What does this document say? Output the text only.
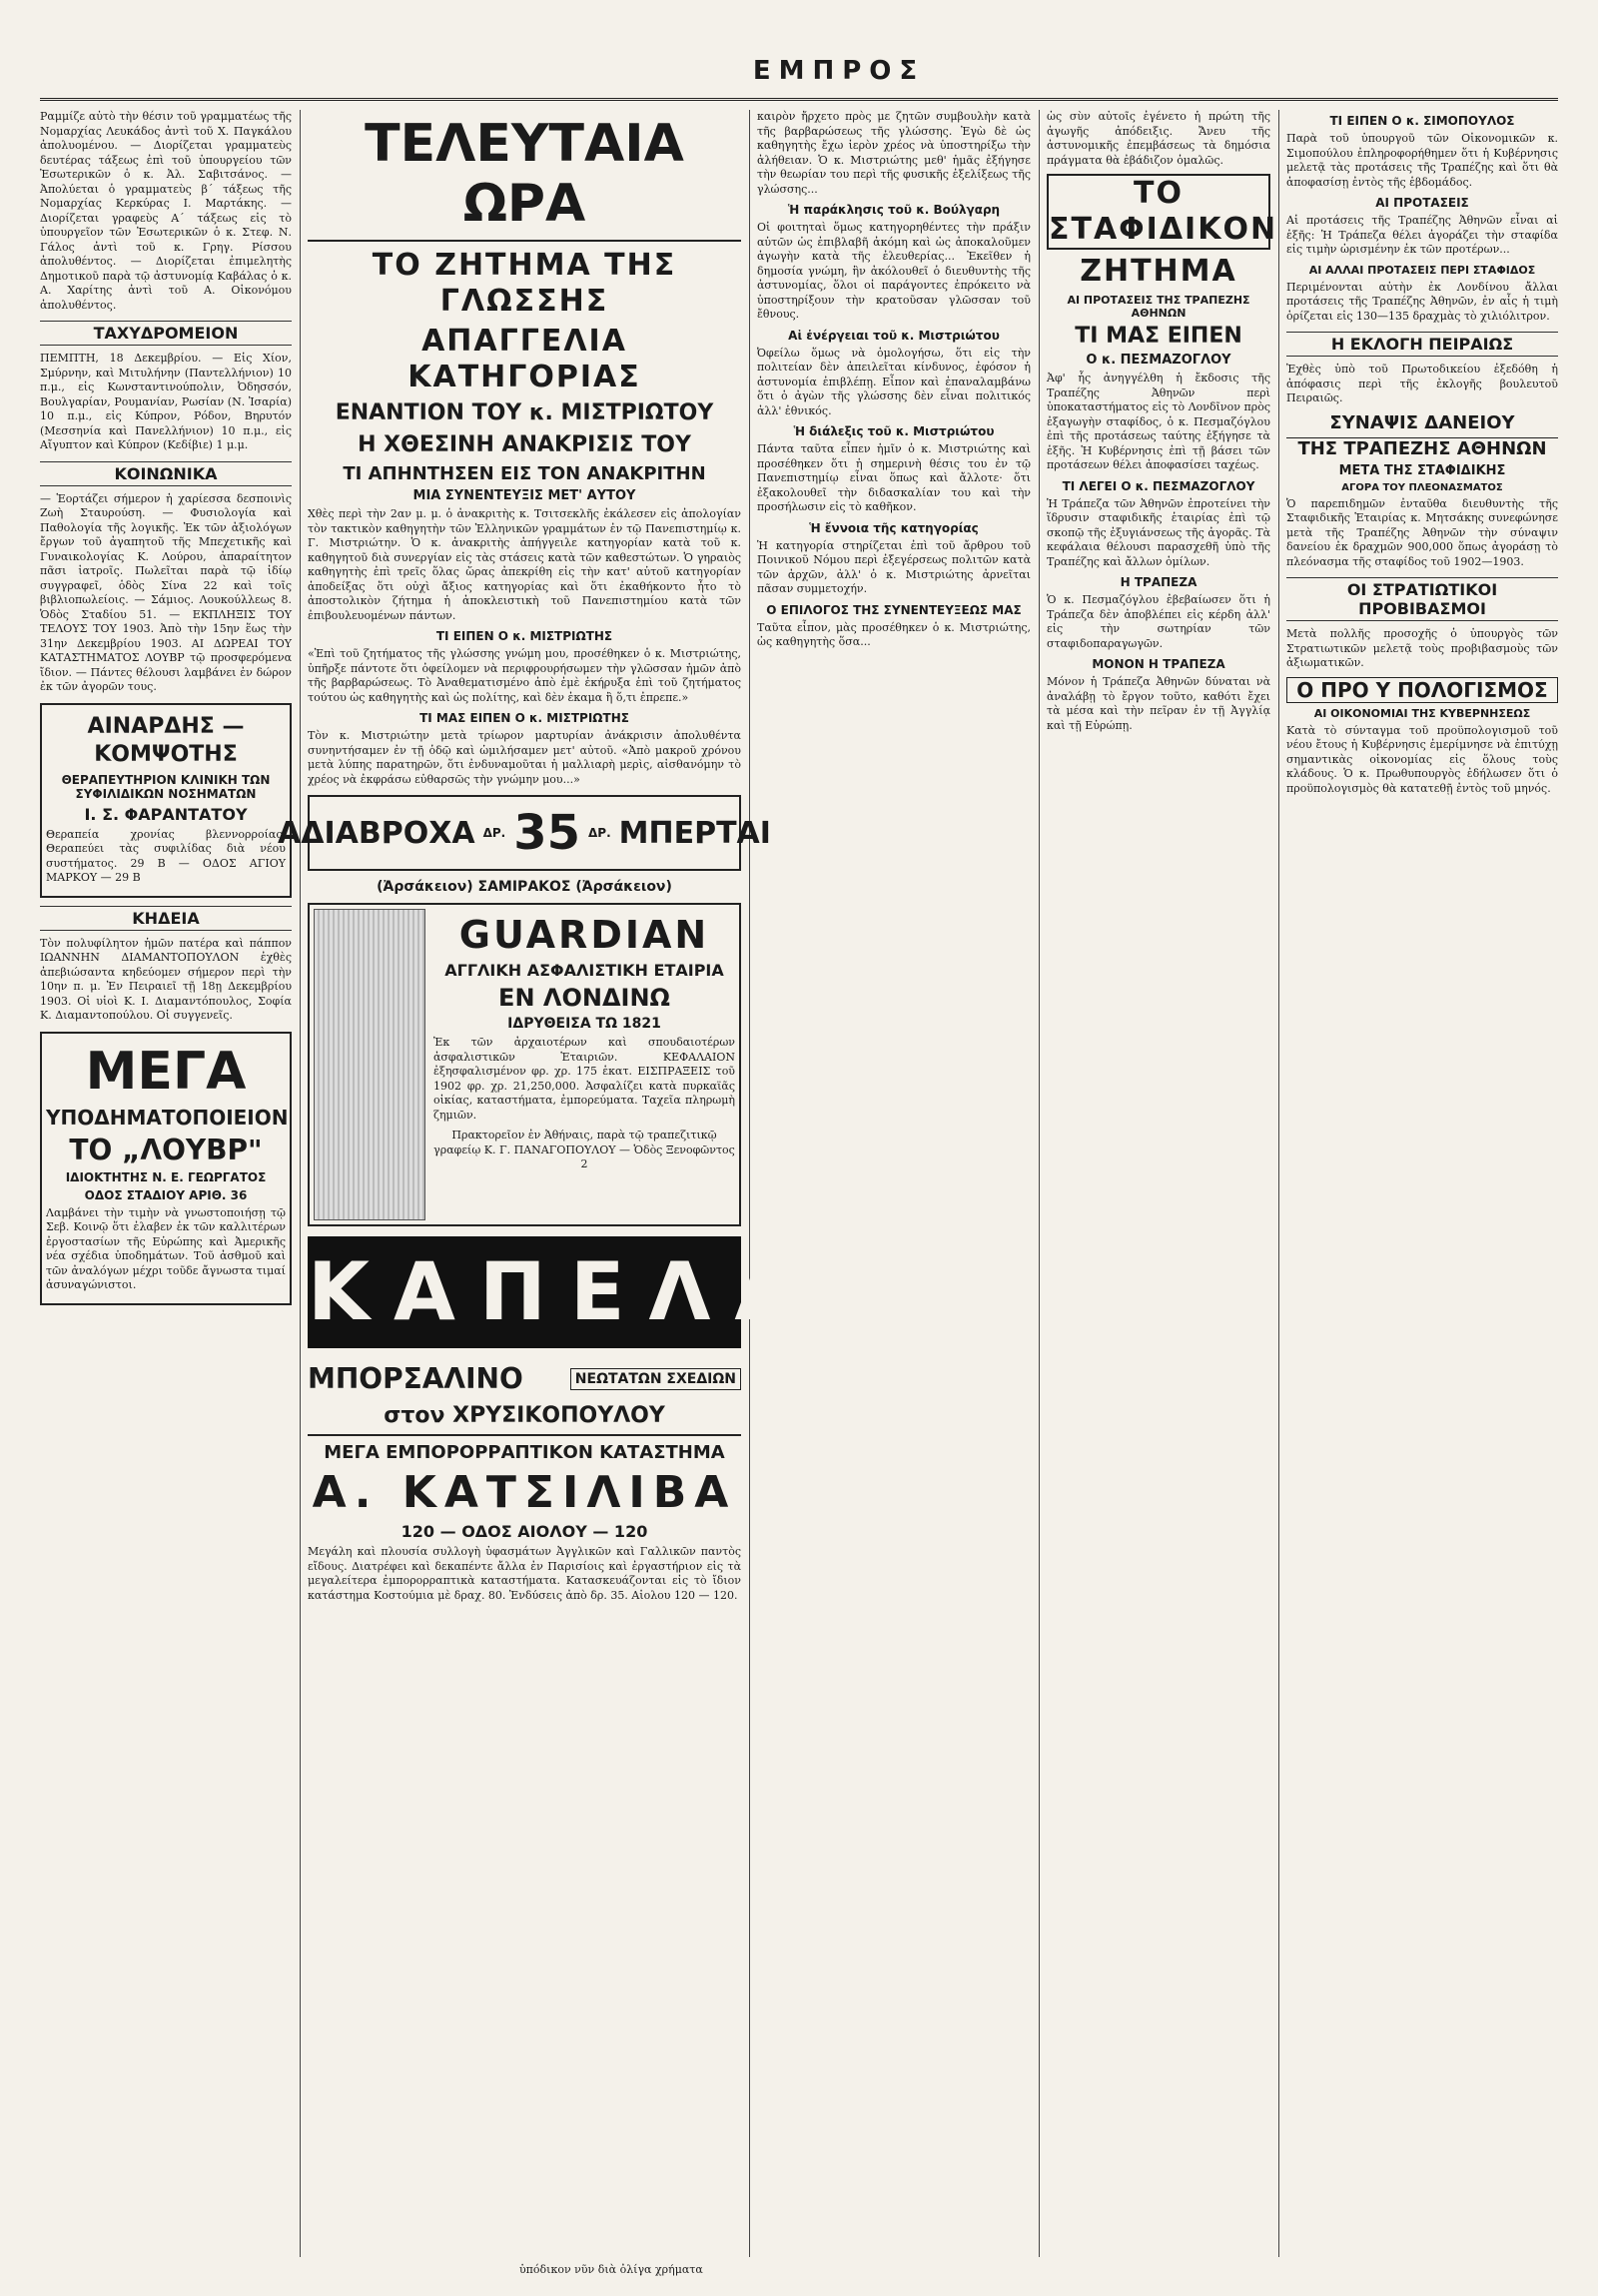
ΕΜΠΡΟΣ

Ραμμίζε αὐτὸ τὴν θέσιν τοῦ γραμματέως τῆς Νομαρχίας Λευκάδος ἀντὶ τοῦ Χ. Παγκάλου ἀπολυομένου. — Διορίζεται γραμματεὺς δευτέρας τάξεως ἐπὶ τοῦ ὑπουργείου τῶν Ἐσωτερικῶν ὁ κ. Ἀλ. Σαβιτσάνος. — Ἀπολύεται ὁ γραμματεὺς β΄ τάξεως τῆς Νομαρχίας Κερκύρας Ι. Μαρτάκης. — Διορίζεται γραφεὺς Α΄ τάξεως εἰς τὸ ὑπουργεῖον τῶν Ἐσωτερικῶν ὁ κ. Στεφ. Ν. Γάλος ἀντὶ τοῦ κ. Γρηγ. Ρίσσου ἀπολυθέντος. — Διορίζεται ἐπιμελητὴς Δημοτικοῦ παρὰ τῷ ἀστυνομίᾳ Καβάλας ὁ κ. Α. Χαρίτης ἀντὶ τοῦ Α. Οἰκονόμου ἀπολυθέντος.

ΤΑΧΥΔΡΟΜΕΙΟΝ

ΠΕΜΠΤΗ, 18 Δεκεμβρίου. — Εἰς Χίον, Σμύρνην, καὶ Μιτυλήνην (Παντελλήνιον) 10 π.μ., εἰς Κωνσταντινούπολιν, Ὀδησσόν, Βουλγαρίαν, Ρουμανίαν, Ρωσίαν (Ν. Ἰσαρία) 10 π.μ., εἰς Κύπρον, Ρόδον, Βηρυτόν (Μεσσηνία καὶ Πανελλήνιον) 10 π.μ., εἰς Αἴγυπτον καὶ Κύπρον (Κεδίβιε) 1 μ.μ.

ΚΟΙΝΩΝΙΚΑ

— Ἑορτάζει σήμερον ἡ χαρίεσσα δεσποινὶς Ζωὴ Σταυρούση. — Φυσιολογία καὶ Παθολογία τῆς λογικῆς. Ἐκ τῶν ἀξιολόγων ἔργων τοῦ ἀγαπητοῦ τῆς Μπεχετικῆς καὶ Γυναικολογίας Κ. Λούρου, ἀπαραίτητον πᾶσι ἰατροῖς. Πωλεῖται παρὰ τῷ ἰδίῳ συγγραφεῖ, ὁδὸς Σίνα 22 καὶ τοῖς βιβλιοπωλείοις. — Σάμιος. Λουκούλλεως 8. Ὁδὸς Σταδίου 51. — ΕΚΠΛΗΞΙΣ ΤΟΥ ΤΕΛΟΥΣ ΤΟΥ 1903. Ἀπὸ τὴν 15ην ἕως τὴν 31ην Δεκεμβρίου 1903. ΑΙ ΔΩΡΕΑΙ ΤΟΥ ΚΑΤΑΣΤΗΜΑΤΟΣ ΛΟΥΒΡ τῷ προσφερόμενα ἴδιον. — Πάντες θέλουσι λαμβάνει ἐν δώρον ἐκ τῶν ἀγορῶν τους.

ΑΙΝΑΡΔΗΣ — ΚΟΜΨΟΤΗΣ
ΘΕΡΑΠΕΥΤΗΡΙΟΝ ΚΛΙΝΙΚΗ ΤΩΝ ΣΥΦΙΛΙΔΙΚΩΝ ΝΟΣΗΜΑΤΩΝ
Ι. Σ. ΦΑΡΑΝΤΑΤΟΥ

Θεραπεία χρονίας βλεννορροίας. Θεραπεύει τὰς συφιλίδας διὰ νέου συστήματος. 29 Β — ΟΔΟΣ ΑΓΙΟΥ ΜΑΡΚΟΥ — 29 Β

ΚΗΔΕΙΑ

Τὸν πολυφίλητον ἡμῶν πατέρα καὶ πάππον ΙΩΑΝΝΗΝ ΔΙΑΜΑΝΤΟΠΟΥΛΟΝ ἐχθὲς ἀπεβιώσαντα κηδεύομεν σήμερον περὶ τὴν 10ην π. μ. Ἐν Πειραιεῖ τῇ 18ῃ Δεκεμβρίου 1903. Οἱ υἱοὶ Κ. Ι. Διαμαντόπουλος, Σοφία Κ. Διαμαντοπούλου. Οἱ συγγενεῖς.

ΜΕΓΑ
ΥΠΟΔΗΜΑΤΟΠΟΙΕΙΟΝ
ΤΟ „ΛΟΥΒΡ"
ΙΔΙΟΚΤΗΤΗΣ Ν. Ε. ΓΕΩΡΓΑΤΟΣ
ΟΔΟΣ ΣΤΑΔΙΟΥ ΑΡΙΘ. 36

Λαμβάνει τὴν τιμὴν νὰ γνωστοποιήσῃ τῷ Σεβ. Κοινῷ ὅτι ἐλαβεν ἐκ τῶν καλλιτέρων ἐργοστασίων τῆς Εὐρώπης καὶ Ἀμερικῆς νέα σχέδια ὑποδημάτων. Τοῦ ἀσθμοῦ καὶ τῶν ἀναλόγων μέχρι τοῦδε ἄγνωστα τιμαί ἀσυναγώνιστοι.

ΤΕΛΕΥΤΑΙΑ ΩΡΑ
ΤΟ ΖΗΤΗΜΑ ΤΗΣ ΓΛΩΣΣΗΣ
ΑΠΑΓΓΕΛΙΑ ΚΑΤΗΓΟΡΙΑΣ
ΕΝΑΝΤΙΟΝ ΤΟΥ κ. ΜΙΣΤΡΙΩΤΟΥ
Η ΧΘΕΣΙΝΗ ΑΝΑΚΡΙΣΙΣ ΤΟΥ
ΤΙ ΑΠΗΝΤΗΣΕΝ ΕΙΣ ΤΟΝ ΑΝΑΚΡΙΤΗΝ
ΜΙΑ ΣΥΝΕΝΤΕΥΞΙΣ ΜΕΤ' ΑΥΤΟΥ

Χθὲς περὶ τὴν 2αν μ. μ. ὁ ἀνακριτὴς κ. Τσιτσεκλῆς ἐκάλεσεν εἰς ἀπολογίαν τὸν τακτικὸν καθηγητὴν τῶν Ἑλληνικῶν γραμμάτων ἐν τῷ Πανεπιστημίῳ κ. Γ. Μιστριώτην. Ὁ κ. ἀνακριτὴς ἀπήγγειλε κατηγορίαν κατὰ τοῦ κ. καθηγητοῦ διὰ συνεργίαν εἰς τὰς στάσεις κατὰ τῶν καθεστώτων. Ὁ γηραιὸς καθηγητὴς ἐπὶ τρεῖς ὅλας ὥρας ἀπεκρίθη εἰς τὴν κατ' αὐτοῦ κατηγορίαν ἀποδείξας ὅτι οὐχὶ ἄξιος κατηγορίας καὶ ὅτι ἐκαθήκοντο ἦτο τὸ ἀποστολικὸν ζήτημα ἡ ἀποκλειστικὴ τοῦ Πανεπιστημίου κατὰ τῶν ἐπιβουλευομένων πάντων.

ΤΙ ΕΙΠΕΝ Ο κ. ΜΙΣΤΡΙΩΤΗΣ

«Ἐπὶ τοῦ ζητήματος τῆς γλώσσης γνώμη μου, προσέθηκεν ὁ κ. Μιστριώτης, ὑπῆρξε πάντοτε ὅτι ὀφείλομεν νὰ περιφρουρήσωμεν τὴν γλῶσσαν ἡμῶν ἀπὸ τῆς βαρβαρώσεως. Τὸ Ἀναθεματισμένο ἀπὸ ἐμὲ ἐκήρυξα ἐπὶ τοῦ ζητήματος τούτου ὡς καθηγητὴς καὶ ὡς πολίτης, καὶ δὲν ἐκαμα ἢ ὅ,τι ἐπρεπε.»

ΤΙ ΜΑΣ ΕΙΠΕΝ Ο κ. ΜΙΣΤΡΙΩΤΗΣ

Τὸν κ. Μιστριώτην μετὰ τρίωρον μαρτυρίαν ἀνάκρισιν ἀπολυθέντα συνηντήσαμεν ἐν τῇ ὁδῷ καὶ ὡμιλήσαμεν μετ' αὐτοῦ. «Ἀπὸ μακροῦ χρόνου μετὰ λύπης παρατηρῶν, ὅτι ἐνδυναμοῦται ἡ μαλλιαρὴ μερὶς, αἰσθανόμην τὸ χρέος νὰ ἐκφράσω εὐθαρσῶς τὴν γνώμην μου...»

ΑΔΙΑΒΡΟΧΑ ΔΡ. 35 ΔΡ. ΜΠΕΡΤΑΙ
(Ἀρσάκειον) ΣΑΜΙΡΑΚΟΣ (Ἀρσάκειον)
GUARDIAN
ΑΓΓΛΙΚΗ ΑΣΦΑΛΙΣΤΙΚΗ ΕΤΑΙΡΙΑ
ΕΝ ΛΟΝΔΙΝΩ
ΙΔΡΥΘΕΙΣΑ ΤΩ 1821

Ἐκ τῶν ἀρχαιοτέρων καὶ σπουδαιοτέρων ἀσφαλιστικῶν Ἑταιριῶν. ΚΕΦΑΛΑΙΟΝ ἐξησφαλισμένον φρ. χρ. 175 ἑκατ. ΕΙΣΠΡΑΞΕΙΣ τοῦ 1902 φρ. χρ. 21,250,000. Ἀσφαλίζει κατὰ πυρκαϊᾶς οἰκίας, καταστήματα, ἐμπορεύματα. Ταχεῖα πληρωμὴ ζημιῶν.

Πρακτορεῖον ἐν Ἀθήναις, παρὰ τῷ τραπεζιτικῷ γραφείῳ Κ. Γ. ΠΑΝΑΓΟΠΟΥΛΟΥ — Ὁδὸς Ξενοφῶντος 2

ΚΑΠΕΛΛΑ
ΜΠΟΡΣΑΛΙΝΟ	ΝΕΩΤΑΤΩΝ ΣΧΕΔΙΩΝ
στον ΧΡΥΣΙΚΟΠΟΥΛΟΥ
ΜΕΓΑ ΕΜΠΟΡΟΡΡΑΠΤΙΚΟΝ ΚΑΤΑΣΤΗΜΑ
Α. ΚΑΤΣΙΛΙΒΑ
120 — ΟΔΟΣ ΑΙΟΛΟΥ — 120

Μεγάλη καὶ πλουσία συλλογὴ ὑφασμάτων Ἀγγλικῶν καὶ Γαλλικῶν παντὸς εἴδους. Διατρέφει καὶ δεκαπέντε ἄλλα ἐν Παρισίοις καὶ ἐργαστήριον εἰς τὰ μεγαλείτερα ἐμπορορραπτικὰ καταστήματα. Κατασκευάζονται εἰς τὸ ἴδιον κατάστημα Κοστούμια μὲ δραχ. 80. Ἐνδύσεις ἀπὸ δρ. 35. Αἰολου 120 — 120.

καιρὸν ἤρχετο πρὸς με ζητῶν συμβουλὴν κατὰ τῆς βαρβαρώσεως τῆς γλώσσης. Ἐγὼ δὲ ὡς καθηγητὴς ἔχω ἱερὸν χρέος νὰ ὑποστηρίξω τὴν ἀλήθειαν. Ὁ κ. Μιστριώτης μεθ' ἡμᾶς ἐξήγησε τὴν θεωρίαν του περὶ τῆς φυσικῆς ἐξελίξεως τῆς γλώσσης...

Ἡ παράκλησις τοῦ κ. Βούλγαρη

Οἱ φοιτηταὶ ὅμως κατηγορηθέντες τὴν πράξιν αὐτῶν ὡς ἐπιβλαβῆ ἀκόμη καὶ ὡς ἀποκαλοῦμεν ἀγωγὴν κατὰ τῆς ἐλευθερίας... Ἐκεῖθεν ἡ δημοσία γνώμη, ἣν ἀκόλουθεῖ ὁ διευθυντὴς τῆς ἀστυνομίας, ὅλοι οἱ παράγοντες ἐπρόκειτο νὰ ὑποστηρίξουν τὴν κρατοῦσαν γλῶσσαν τοῦ ἔθνους.

Αἱ ἐνέργειαι τοῦ κ. Μιστριώτου

Ὀφείλω ὅμως νὰ ὁμολογήσω, ὅτι εἰς τὴν πολιτείαν δὲν ἀπειλεῖται κίνδυνος, ἐφόσον ἡ ἀστυνομία ἐπιβλέπῃ. Εἶπον καὶ ἐπαναλαμβάνω ὅτι ὁ ἀγὼν τῆς γλώσσης δὲν εἶναι πολιτικός ἀλλ' ἐθνικός.

Ἡ διάλεξις τοῦ κ. Μιστριώτου

Πάντα ταῦτα εἶπεν ἡμῖν ὁ κ. Μιστριώτης καὶ προσέθηκεν ὅτι ἡ σημερινὴ θέσις του ἐν τῷ Πανεπιστημίῳ εἶναι ὅπως καὶ ἄλλοτε· ὅτι ἐξακολουθεῖ τὴν διδασκαλίαν του καὶ τὴν προσήλωσιν εἰς τὸ καθῆκον.

Ἡ ἔννοια τῆς κατηγορίας

Ἡ κατηγορία στηρίζεται ἐπὶ τοῦ ἄρθρου τοῦ Ποινικοῦ Νόμου περὶ ἐξεγέρσεως πολιτῶν κατὰ τῶν ἀρχῶν, ἀλλ' ὁ κ. Μιστριώτης ἀρνεῖται πᾶσαν συμμετοχήν.

Ο ΕΠΙΛΟΓΟΣ ΤΗΣ ΣΥΝΕΝΤΕΥΞΕΩΣ ΜΑΣ

Ταῦτα εἶπον, μὰς προσέθηκεν ὁ κ. Μιστριώτης, ὡς καθηγητὴς ὅσα...

ὡς σὺν αὐτοῖς ἐγένετο ἡ πρώτη τῆς ἀγωγῆς ἀπόδειξις. Ἄνευ τῆς ἀστυνομικῆς ἐπεμβάσεως τὰ δημόσια πράγματα θὰ ἐβάδιζον ὁμαλῶς.

ΤΟ ΣΤΑΦΙΔΙΚΟΝ
ΖΗΤΗΜΑ
ΑΙ ΠΡΟΤΑΣΕΙΣ ΤΗΣ ΤΡΑΠΕΖΗΣ ΑΘΗΝΩΝ
ΤΙ ΜΑΣ ΕΙΠΕΝ
Ο κ. ΠΕΣΜΑΖΟΓΛΟΥ

Ἀφ' ἧς ἀνηγγέλθη ἡ ἔκδοσις τῆς Τραπέζης Ἀθηνῶν περὶ ὑποκαταστήματος εἰς τὸ Λονδῖνον πρὸς ἐξαγωγὴν σταφίδος, ὁ κ. Πεσμαζόγλου ἐπὶ τῆς προτάσεως ταύτης ἐξήγησε τὰ ἑξῆς. Ἡ Κυβέρνησις ἐπὶ τῇ βάσει τῶν προτάσεων θέλει ἀποφασίσει ταχέως.

ΤΙ ΛΕΓΕΙ Ο κ. ΠΕΣΜΑΖΟΓΛΟΥ

Ἡ Τράπεζα τῶν Ἀθηνῶν ἐπροτείνει τὴν ἵδρυσιν σταφιδικῆς ἑταιρίας ἐπὶ τῷ σκοπῷ τῆς ἐξυγιάνσεως τῆς ἀγορᾶς. Τὰ κεφάλαια θέλουσι παρασχεθῆ ὑπὸ τῆς Τραπέζης καὶ ἄλλων ὁμίλων.

Η ΤΡΑΠΕΖΑ

Ὁ κ. Πεσμαζόγλου ἐβεβαίωσεν ὅτι ἡ Τράπεζα δὲν ἀποβλέπει εἰς κέρδη ἀλλ' εἰς τὴν σωτηρίαν τῶν σταφιδοπαραγωγῶν.

ΜΟΝΟΝ Η ΤΡΑΠΕΖΑ

Μόνον ἡ Τράπεζα Ἀθηνῶν δύναται νὰ ἀναλάβῃ τὸ ἔργον τοῦτο, καθότι ἔχει τὰ μέσα καὶ τὴν πεῖραν ἐν τῇ Ἀγγλίᾳ καὶ τῇ Εὐρώπῃ.

ΤΙ ΕΙΠΕΝ Ο κ. ΣΙΜΟΠΟΥΛΟΣ

Παρὰ τοῦ ὑπουργοῦ τῶν Οἰκονομικῶν κ. Σιμοπούλου ἐπληροφορήθημεν ὅτι ἡ Κυβέρνησις μελετᾷ τὰς προτάσεις τῆς Τραπέζης καὶ ὅτι θὰ ἀποφασίσῃ ἐντὸς τῆς ἑβδομάδος.

ΑΙ ΠΡΟΤΑΣΕΙΣ

Αἱ προτάσεις τῆς Τραπέζης Ἀθηνῶν εἶναι αἱ ἑξῆς: Ἡ Τράπεζα θέλει ἀγοράζει τὴν σταφίδα εἰς τιμὴν ὡρισμένην ἐκ τῶν προτέρων...

ΑΙ ΑΛΛΑΙ ΠΡΟΤΑΣΕΙΣ ΠΕΡΙ ΣΤΑΦΙΔΟΣ

Περιμένονται αὐτὴν ἐκ Λονδίνου ἄλλαι προτάσεις τῆς Τραπέζης Ἀθηνῶν, ἐν αἷς ἡ τιμὴ ὁρίζεται εἰς 130—135 δραχμὰς τὸ χιλιόλιτρον.

Η ΕΚΛΟΓΗ ΠΕΙΡΑΙΩΣ

Ἐχθὲς ὑπὸ τοῦ Πρωτοδικείου ἐξεδόθη ἡ ἀπόφασις περὶ τῆς ἐκλογῆς βουλευτοῦ Πειραιῶς.

ΣΥΝΑΨΙΣ ΔΑΝΕΙΟΥ
ΤΗΣ ΤΡΑΠΕΖΗΣ ΑΘΗΝΩΝ
ΜΕΤΑ ΤΗΣ ΣΤΑΦΙΔΙΚΗΣ
ΑΓΟΡΑ ΤΟΥ ΠΛΕΟΝΑΣΜΑΤΟΣ

Ὁ παρεπιδημῶν ἐνταῦθα διευθυντὴς τῆς Σταφιδικῆς Ἑταιρίας κ. Μητσάκης συνεφώνησε μετὰ τῆς Τραπέζης Ἀθηνῶν τὴν σύναψιν δανείου ἐκ δραχμῶν 900,000 ὅπως ἀγοράσῃ τὸ πλεόνασμα τῆς σταφίδος τοῦ 1902—1903.

ΟΙ ΣΤΡΑΤΙΩΤΙΚΟΙ ΠΡΟΒΙΒΑΣΜΟΙ

Μετὰ πολλῆς προσοχῆς ὁ ὑπουργὸς τῶν Στρατιωτικῶν μελετᾷ τοὺς προβιβασμοὺς τῶν ἀξιωματικῶν.

Ο ΠΡΟ Υ ΠΟΛΟΓΙΣΜΟΣ
ΑΙ ΟΙΚΟΝΟΜΙΑΙ ΤΗΣ ΚΥΒΕΡΝΗΣΕΩΣ

Κατὰ τὸ σύνταγμα τοῦ προϋπολογισμοῦ τοῦ νέου ἔτους ἡ Κυβέρνησις ἐμερίμνησε νὰ ἐπιτύχῃ σημαντικὰς οἰκονομίας εἰς ὅλους τοὺς κλάδους. Ὁ κ. Πρωθυπουργὸς ἐδήλωσεν ὅτι ὁ προϋπολογισμὸς θὰ κατατεθῇ ἐντὸς τοῦ μηνός.

ὑπόδικον νῦν διὰ ὀλίγα χρήματα
